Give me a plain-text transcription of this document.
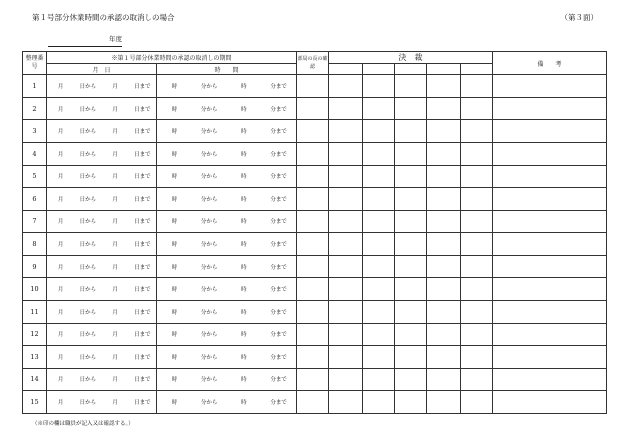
第１号部分休業時間の承認の取消しの場合	（第３面）
年度
整理番号	※第１号部分休業時間の承認の取消しの期間		部局の長の確認	決　裁					備　　考
	月　日	時　　間							
1	月 日から 月 日まで	時 分から 時 分まで							

2	月 日から 月 日まで	時 分から 時 分まで							

3	月 日から 月 日まで	時 分から 時 分まで							

4	月 日から 月 日まで	時 分から 時 分まで							

5	月 日から 月 日まで	時 分から 時 分まで							

6	月 日から 月 日まで	時 分から 時 分まで							

7	月 日から 月 日まで	時 分から 時 分まで							

8	月 日から 月 日まで	時 分から 時 分まで							

9	月 日から 月 日まで	時 分から 時 分まで							

10	月 日から 月 日まで	時 分から 時 分まで							

11	月 日から 月 日まで	時 分から 時 分まで							

12	月 日から 月 日まで	時 分から 時 分まで							

13	月 日から 月 日まで	時 分から 時 分まで							

14	月 日から 月 日まで	時 分から 時 分まで							

15	月 日から 月 日まで	時 分から 時 分まで							

（※印の欄は職員が記入又は確認する。）
